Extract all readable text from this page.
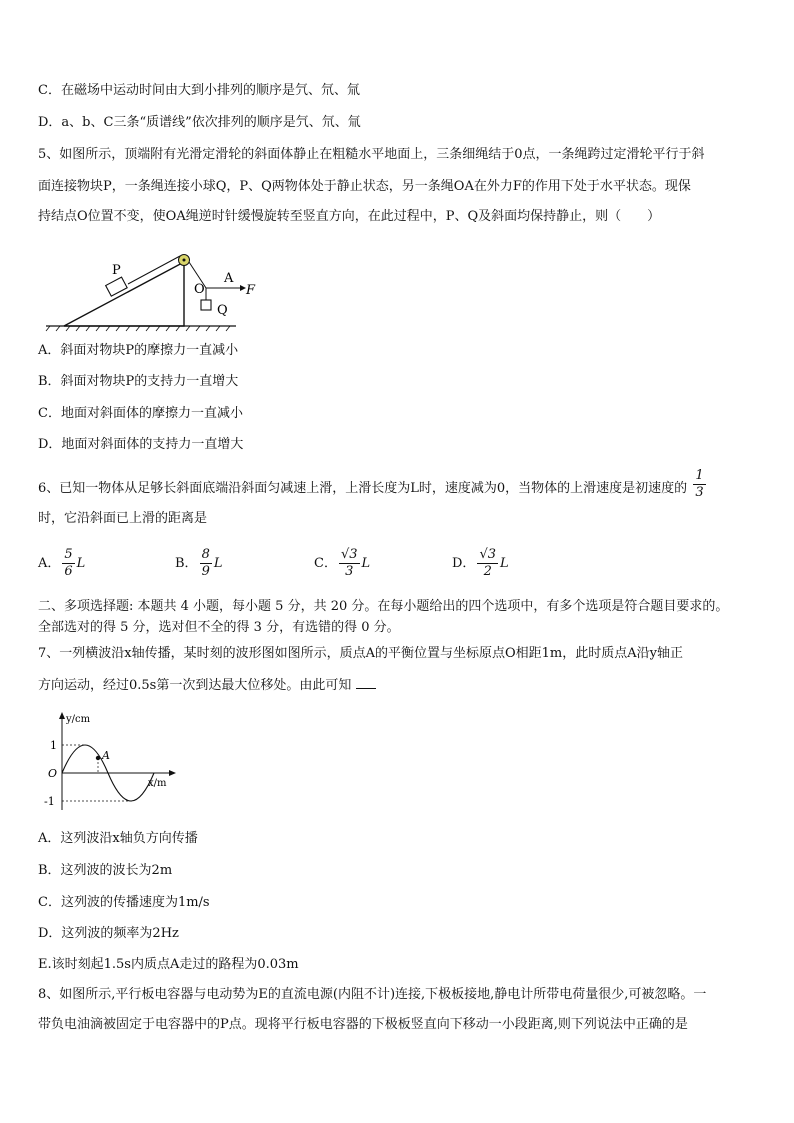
C．在磁场中运动时间由大到小排列的顺序是氕、氘、氚
D．a、b、C三条“质谱线”依次排列的顺序是氕、氘、氚
5、如图所示，顶端附有光滑定滑轮的斜面体静止在粗糙水平地面上，三条细绳结于0点，一条绳跨过定滑轮平行于斜
面连接物块P，一条绳连接小球Q，P、Q两物体处于静止状态，另一条绳OA在外力F的作用下处于水平状态。现保
持结点O位置不变，使OA绳逆时针缓慢旋转至竖直方向，在此过程中，P、Q及斜面均保持静止，则（　　）
P
O
A
F
Q
A．斜面对物块P的摩擦力一直减小
B．斜面对物块P的支持力一直增大
C．地面对斜面体的摩擦力一直减小
D．地面对斜面体的支持力一直增大
6、已知一物体从足够长斜面底端沿斜面匀减速上滑，上滑长度为L时，速度减为0，当物体的上滑速度是初速度的 $\frac{1}{3}$
时，它沿斜面已上滑的距离是
A． $\frac{5}{6}$ L	B． $\frac{8}{9}$ L	C． $\frac{√3}{3}$ L	D． $\frac{√3}{2}$ L
二、多项选择题: 本题共 4 小题，每小题 5 分，共 20 分。在每小题给出的四个选项中，有多个选项是符合题目要求的。
全部选对的得 5 分，选对但不全的得 3 分，有选错的得 0 分。
7、一列横波沿x轴传播，某时刻的波形图如图所示，质点A的平衡位置与坐标原点O相距1m，此时质点A沿y轴正
方向运动，经过0.5s第一次到达最大位移处。由此可知
A
y/cm
x/m
1
O
-1
A．这列波沿x轴负方向传播
B．这列波的波长为2m
C．这列波的传播速度为1m/s
D．这列波的频率为2Hz
E.该时刻起1.5s内质点A走过的路程为0.03m
8、如图所示,平行板电容器与电动势为E的直流电源(内阻不计)连接,下极板接地,静电计所带电荷量很少,可被忽略。一
带负电油滴被固定于电容器中的P点。现将平行板电容器的下极板竖直向下移动一小段距离,则下列说法中正确的是
